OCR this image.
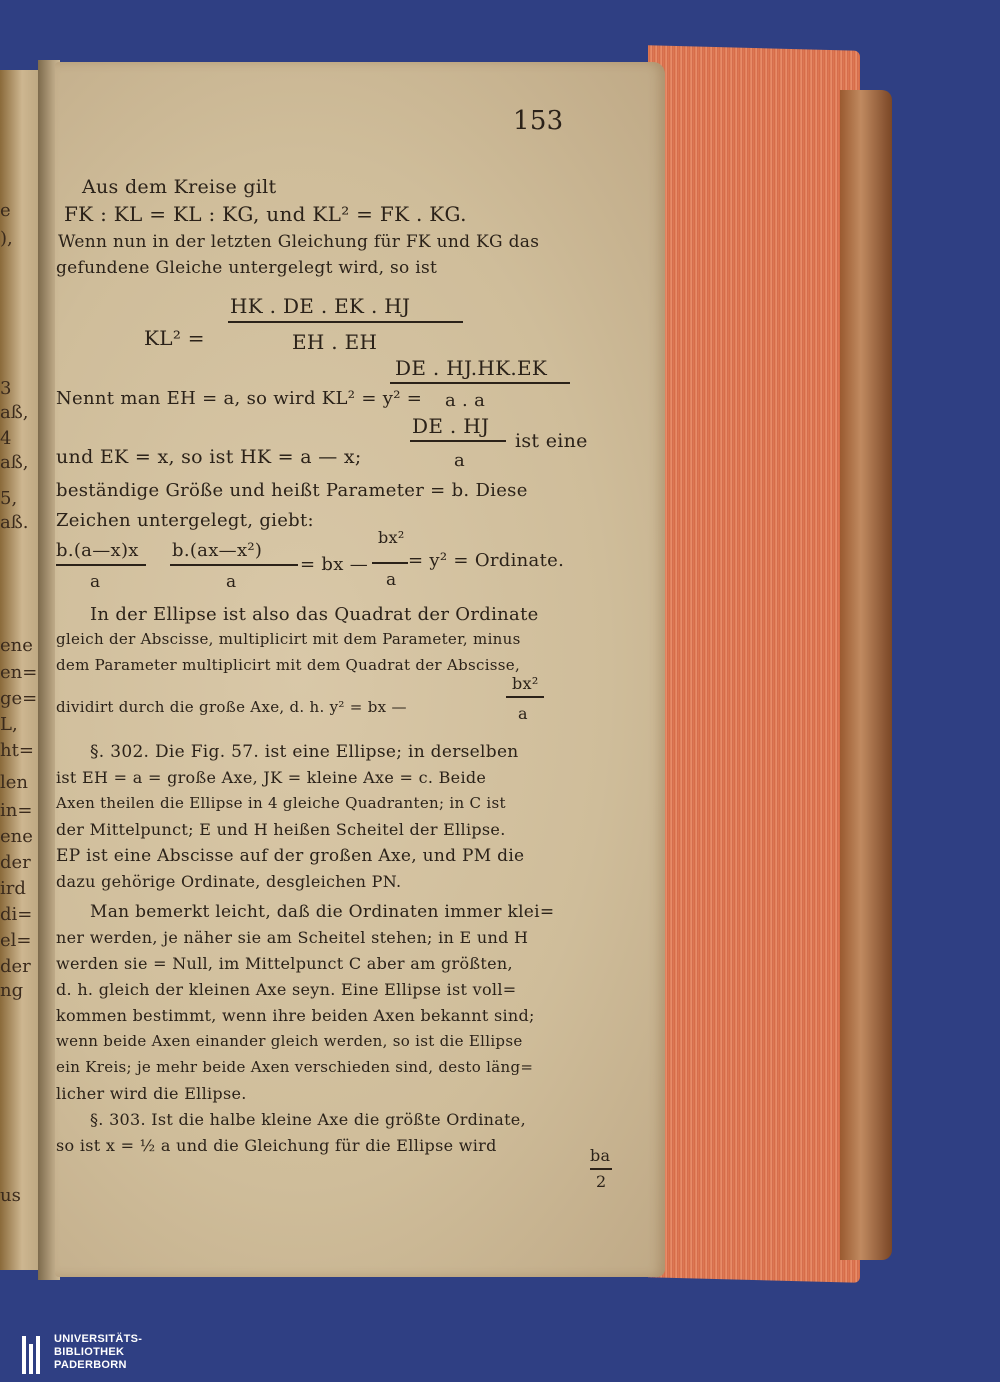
e
),
3
aß,
4
aß,
5,
aß.
ene
en=
ge=
L,
ht=
len
in=
ene
der
ird
di=
el=
der
ng
us
153
Aus dem Kreise gilt
FK : KL = KL : KG, und KL² = FK . KG.
Wenn nun in der letzten Gleichung für FK und KG das
gefundene Gleiche untergelegt wird, so ist
HK . DE . EK . HJ
KL² =	EH . EH
DE . HJ.HK.EK
Nennt man EH = a, so wird KL² = y² = a . a
DE . HJ
und EK = x, so ist HK = a — x;
ist eine
a
beständige Größe und heißt Parameter = b. Diese
Zeichen untergelegt, giebt:
b.(a—x)x b.(ax—x²)
bx²
= bx — = y² = Ordinate.
a	a	a
In der Ellipse ist also das Quadrat der Ordinate
gleich der Abscisse, multiplicirt mit dem Parameter, minus
dem Parameter multiplicirt mit dem Quadrat der Abscisse,
bx²
dividirt durch die große Axe, d. h. y² = bx —	a
§. 302. Die Fig. 57. ist eine Ellipse; in derselben
ist EH = a = große Axe, JK = kleine Axe = c. Beide
Axen theilen die Ellipse in 4 gleiche Quadranten; in C ist
der Mittelpunct; E und H heißen Scheitel der Ellipse.
EP ist eine Abscisse auf der großen Axe, und PM die
dazu gehörige Ordinate, desgleichen PN.
Man bemerkt leicht, daß die Ordinaten immer klei=
ner werden, je näher sie am Scheitel stehen; in E und H
werden sie = Null, im Mittelpunct C aber am größten,
d. h. gleich der kleinen Axe seyn. Eine Ellipse ist voll=
kommen bestimmt, wenn ihre beiden Axen bekannt sind;
wenn beide Axen einander gleich werden, so ist die Ellipse
ein Kreis; je mehr beide Axen verschieden sind, desto läng=
licher wird die Ellipse.
§. 303. Ist die halbe kleine Axe die größte Ordinate,
so ist x = ½ a und die Gleichung für die Ellipse wird
ba
2
UNIVERSITÄTS-
BIBLIOTHEK
PADERBORN
